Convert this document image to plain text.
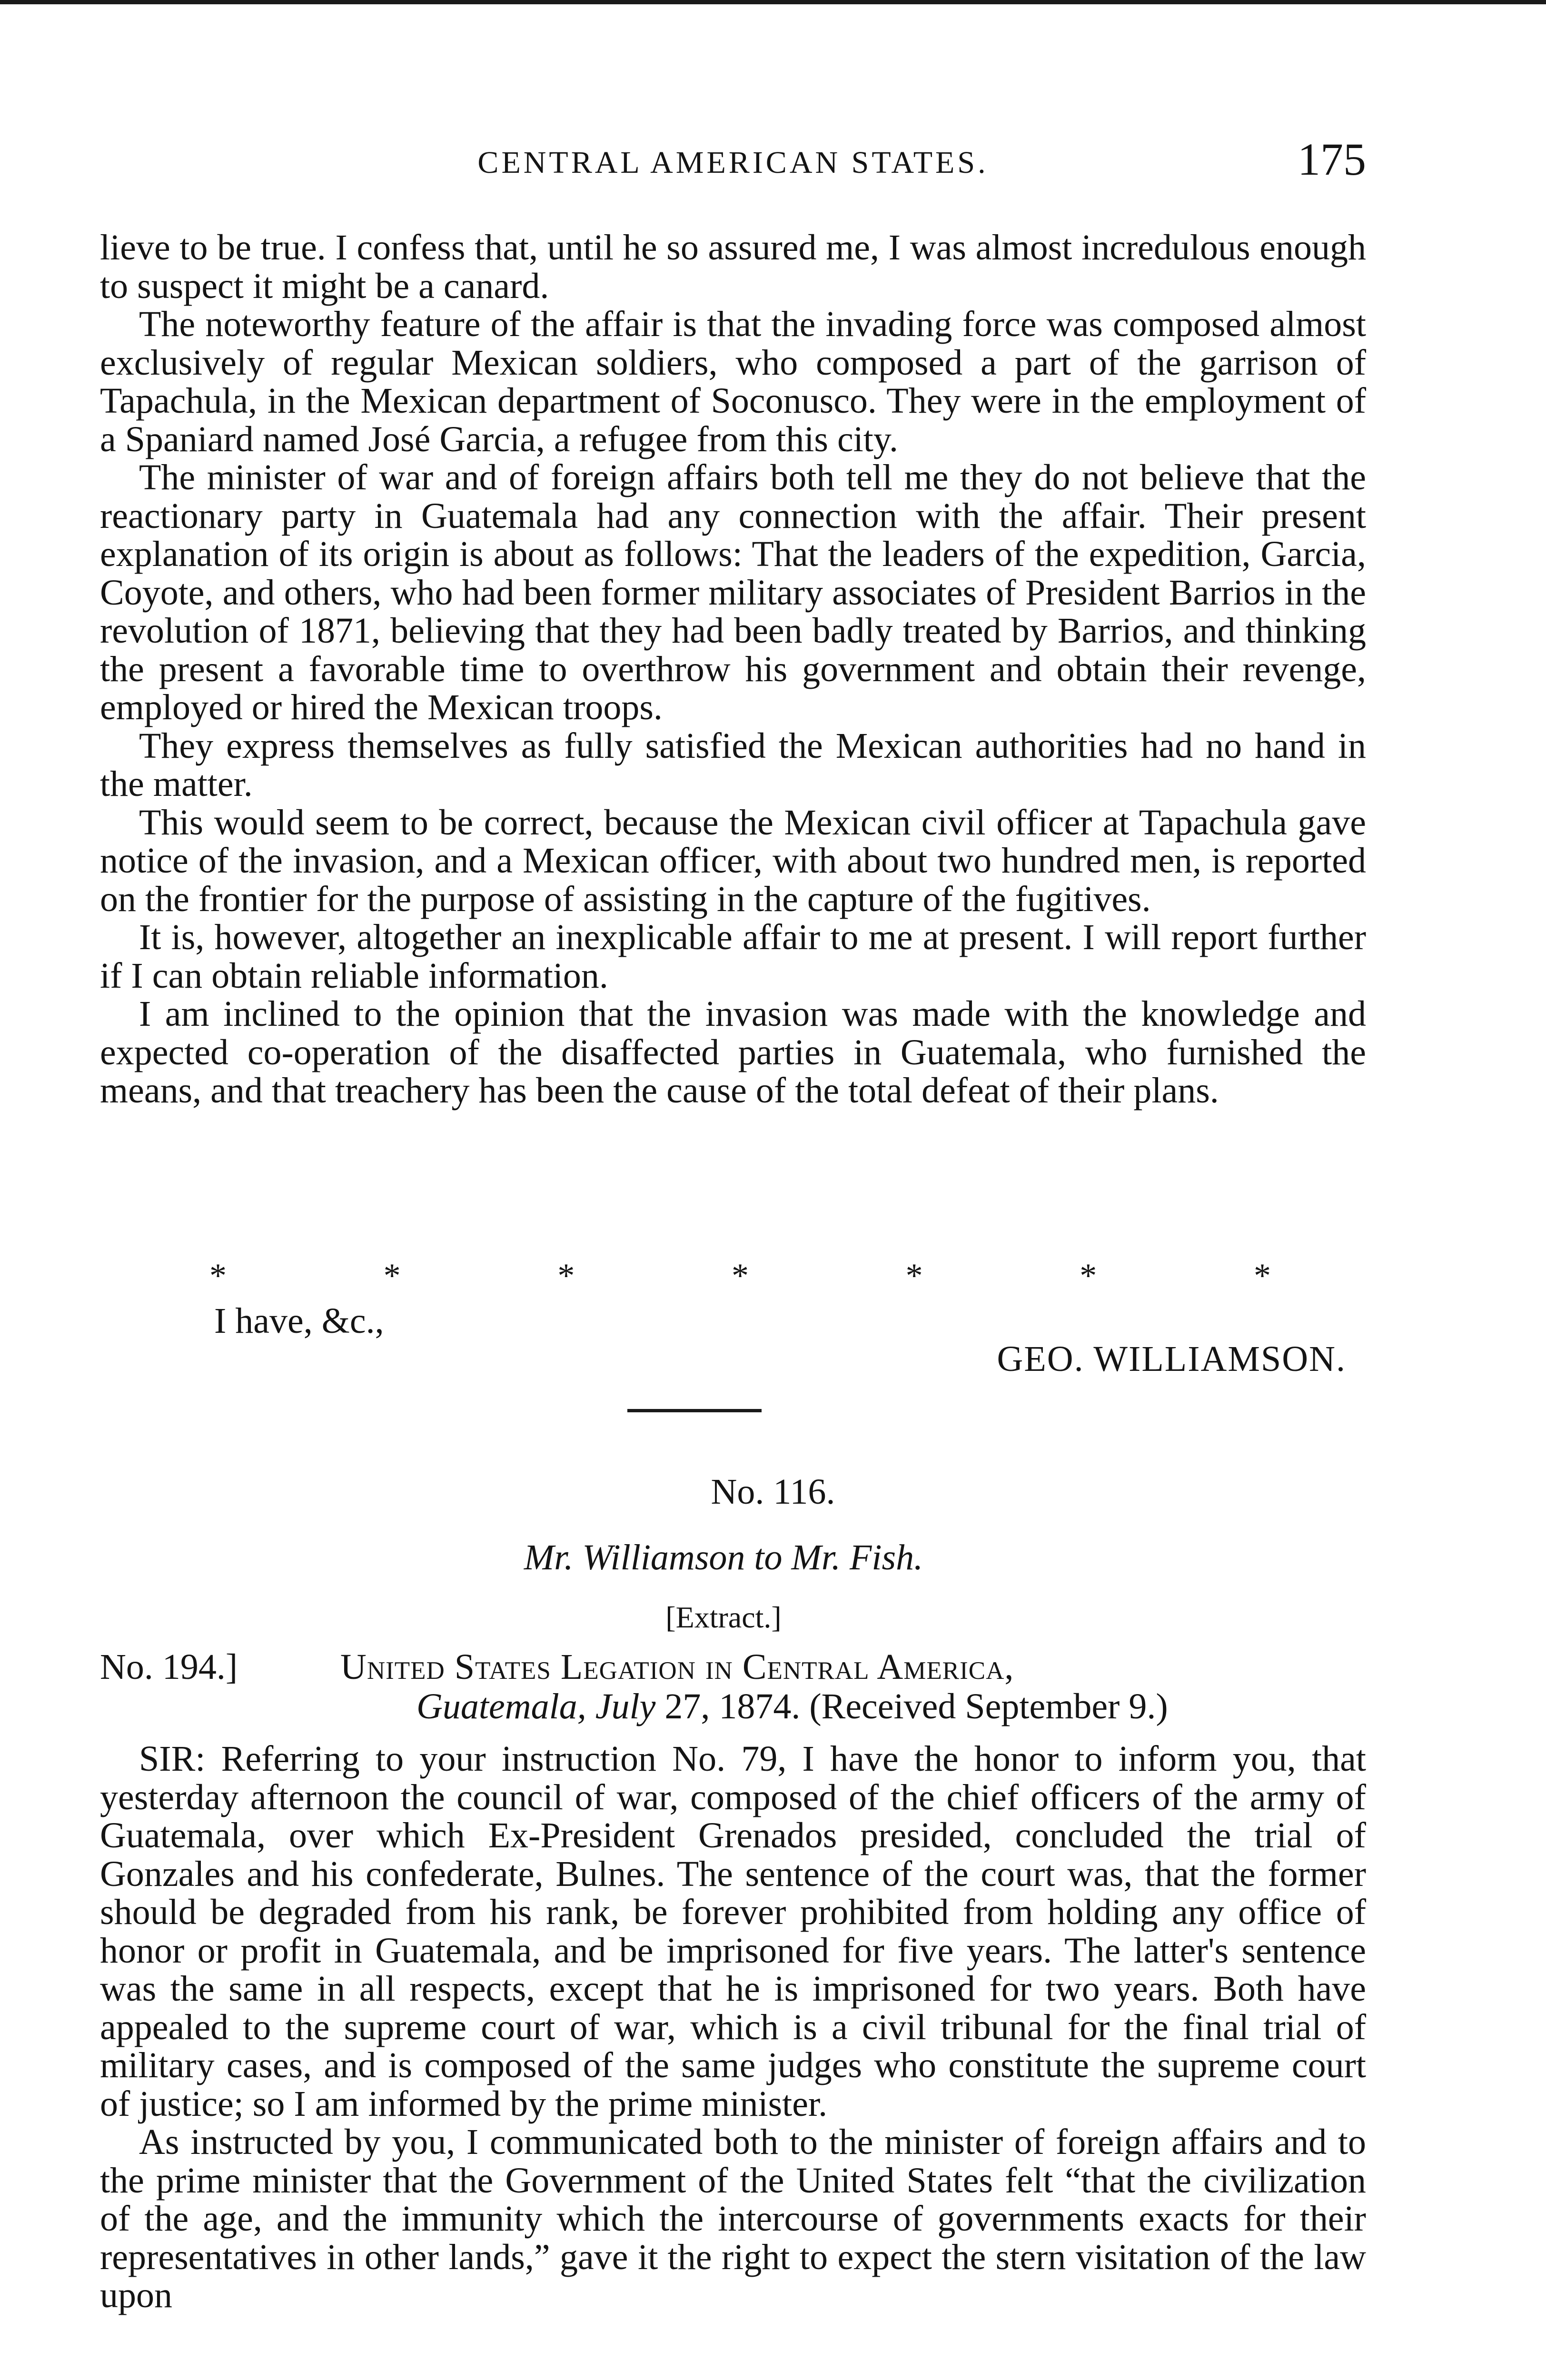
CENTRAL AMERICAN STATES.	175

lieve to be true. I confess that, until he so assured me, I was almost incredulous enough to suspect it might be a canard.

The noteworthy feature of the affair is that the invading force was composed almost exclusively of regular Mexican soldiers, who composed a part of the garrison of Tapachula, in the Mexican department of Soconusco. They were in the employment of a Spaniard named José Garcia, a refugee from this city.

The minister of war and of foreign affairs both tell me they do not believe that the reactionary party in Guatemala had any connection with the affair. Their present explanation of its origin is about as follows: That the leaders of the expedition, Garcia, Coyote, and others, who had been former military associates of President Barrios in the revolution of 1871, believing that they had been badly treated by Barrios, and thinking the present a favorable time to overthrow his government and obtain their revenge, employed or hired the Mexican troops.

They express themselves as fully satisfied the Mexican authorities had no hand in the matter.

This would seem to be correct, because the Mexican civil officer at Tapachula gave notice of the invasion, and a Mexican officer, with about two hundred men, is reported on the frontier for the purpose of assisting in the capture of the fugitives.

It is, however, altogether an inexplicable affair to me at present. I will report further if I can obtain reliable information.

I am inclined to the opinion that the invasion was made with the knowledge and expected co-operation of the disaffected parties in Guatemala, who furnished the means, and that treachery has been the cause of the total defeat of their plans.

*	*	*	*	*	*	*
I have, &c.,
GEO. WILLIAMSON.
No. 116.
Mr. Williamson to Mr. Fish.
[Extract.]
No. 194.]	United States Legation in Central America,
Guatemala, July 27, 1874. (Received September 9.)

SIR: Referring to your instruction No. 79, I have the honor to inform you, that yesterday afternoon the council of war, composed of the chief officers of the army of Guatemala, over which Ex-President Grenados presided, concluded the trial of Gonzales and his confederate, Bulnes. The sentence of the court was, that the former should be degraded from his rank, be forever prohibited from holding any office of honor or profit in Guatemala, and be imprisoned for five years. The latter's sentence was the same in all respects, except that he is imprisoned for two years. Both have appealed to the supreme court of war, which is a civil tribunal for the final trial of military cases, and is composed of the same judges who constitute the supreme court of justice; so I am informed by the prime minister.

As instructed by you, I communicated both to the minister of foreign affairs and to the prime minister that the Government of the United States felt “that the civilization of the age, and the immunity which the intercourse of governments exacts for their representatives in other lands,” gave it the right to expect the stern visitation of the law upon
